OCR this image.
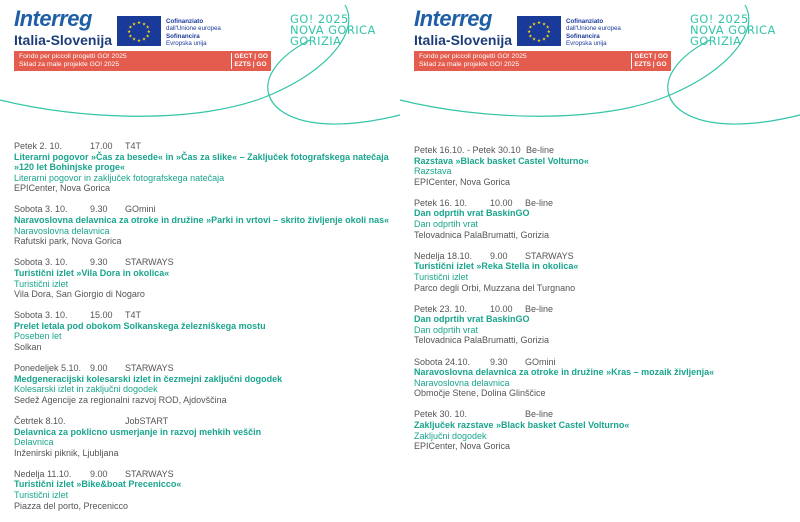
Interreg
Italia-Slovenija
★ ★
★
★
★
★
★
★
★
★
★
★	Cofinanziato
dall'Unione europea
Sofinancira
Evropska unija
GO! 2025
NOVA GORICA
GORIZIA
Fondo per piccoli progetti GO! 2025
Sklad za male projekte GO! 2025
GECT | GO
EZTS | GO
Petek 2. 10.	17.00 T4T
Literarni pogovor »Čas za besede« in »Čas za slike« – Zaključek fotografskega natečaja »120 let Bohinjske proge«
Literarni pogovor in zaključek fotografskega natečaja
EPICenter, Nova Gorica
Sobota 3. 10. 9.30 GOmini
Naravoslovna delavnica za otroke in družine »Parki in vrtovi – skrito življenje okoli nas«
Naravoslovna delavnica
Rafutski park, Nova Gorica
Sobota 3. 10. 9.30 STARWAYS
Turistični izlet »Vila Dora in okolica«
Turistični izlet
Vila Dora, San Giorgio di Nogaro
Sobota 3. 10. 15.00 T4T
Prelet letala pod obokom Solkanskega železniškega mostu
Poseben let
Solkan
Ponedeljek 5.10. 9.00 STARWAYS
Medgeneracijski kolesarski izlet in čezmejni zaključni dogodek
Kolesarski izlet in zaključni dogodek
Sedež Agencije za regionalni razvoj ROD, Ajdovščina
Četrtek 8.10.	JobSTART
Delavnica za poklicno usmerjanje in razvoj mehkih veščin
Delavnica
Inženirski piknik, Ljubljana
Nedelja 11.10. 9.00 STARWAYS
Turistični izlet »Bike&boat Precenicco«
Turistični izlet
Piazza del porto, Precenicco
Interreg
Italia-Slovenija
★ ★
★
★
★
★
★
★
★
★
★
★	Cofinanziato
dall'Unione europea
Sofinancira
Evropska unija
GO! 2025
NOVA GORICA
GORIZIA
Fondo per piccoli progetti GO! 2025
Sklad za male projekte GO! 2025
GECT | GO
EZTS | GO
Petek 16.10. - Petek 30.10 Be-line
Razstava »Black basket Castel Volturno«
Razstava
EPICenter, Nova Gorica
Petek 16. 10.	10.00 Be-line
Dan odprtih vrat BaskinGO
Dan odprtih vrat
Telovadnica PalaBrumatti, Gorizia
Nedelja 18.10. 9.00 STARWAYS
Turistični izlet »Reka Stella in okolica«
Turistični izlet
Parco degli Orbi, Muzzana del Turgnano
Petek 23. 10.	10.00 Be-line
Dan odprtih vrat BaskinGO
Dan odprtih vrat
Telovadnica PalaBrumatti, Gorizia
Sobota 24.10. 9.30 GOmini
Naravoslovna delavnica za otroke in družine »Kras – mozaik življenja«
Naravoslovna delavnica
Območje Stene, Dolina Glinščice
Petek 30. 10.	Be-line
Zaključek razstave »Black basket Castel Volturno«
Zaključni dogodek
EPICenter, Nova Gorica
